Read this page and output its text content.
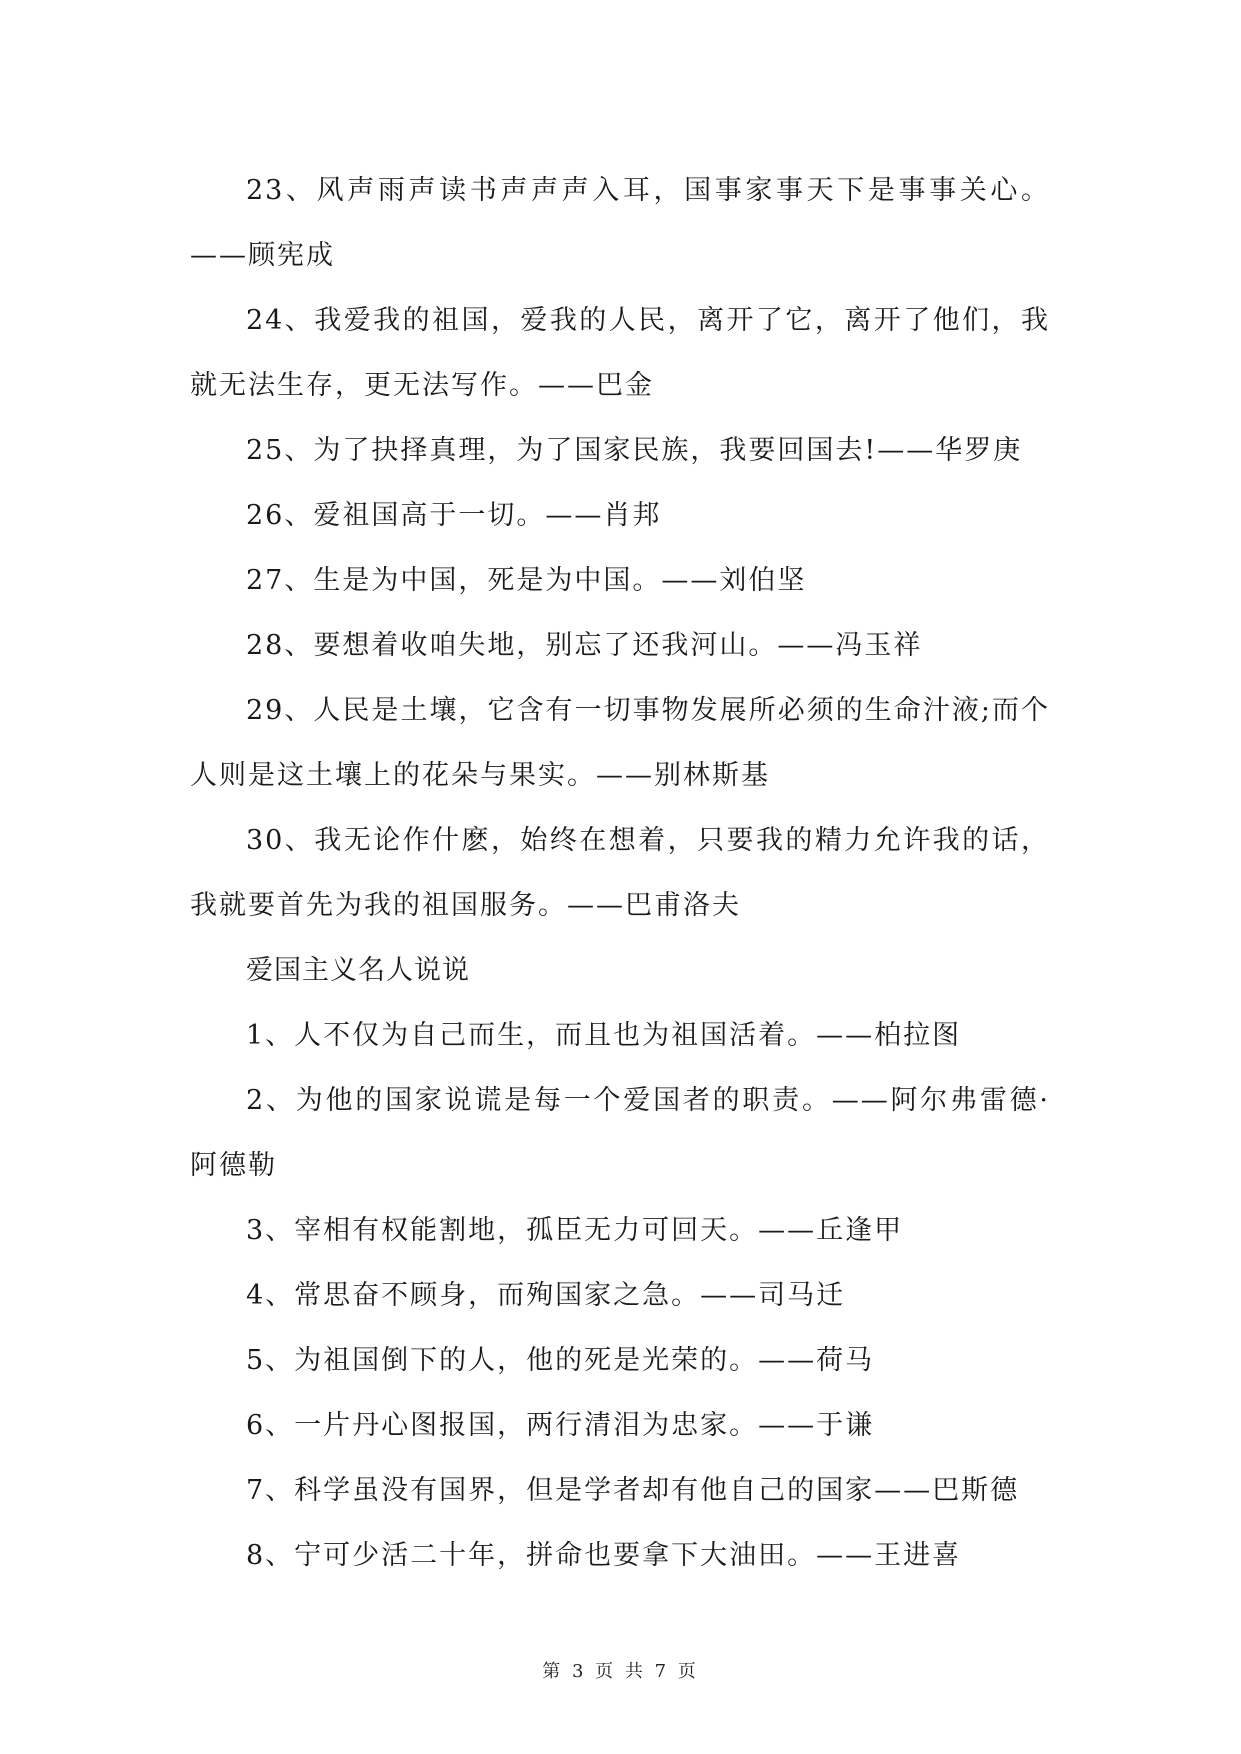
23、风声雨声读书声声声入耳，国事家事天下是事事关心。——顾宪成

24、我爱我的祖国，爱我的人民，离开了它，离开了他们，我就无法生存，更无法写作。——巴金

25、为了抉择真理，为了国家民族，我要回国去!——华罗庚

26、爱祖国高于一切。——肖邦

27、生是为中国，死是为中国。——刘伯坚

28、要想着收咱失地，别忘了还我河山。——冯玉祥

29、人民是土壤，它含有一切事物发展所必须的生命汁液;而个人则是这土壤上的花朵与果实。——别林斯基

30、我无论作什麽，始终在想着，只要我的精力允许我的话，我就要首先为我的祖国服务。——巴甫洛夫

爱国主义名人说说

1、人不仅为自己而生，而且也为祖国活着。——柏拉图

2、为他的国家说谎是每一个爱国者的职责。——阿尔弗雷德·阿德勒

3、宰相有权能割地，孤臣无力可回天。——丘逢甲

4、常思奋不顾身，而殉国家之急。——司马迁

5、为祖国倒下的人，他的死是光荣的。——荷马

6、一片丹心图报国，两行清泪为忠家。——于谦

7、科学虽没有国界，但是学者却有他自己的国家——巴斯德

8、宁可少活二十年，拼命也要拿下大油田。——王进喜

第 3 页 共 7 页
